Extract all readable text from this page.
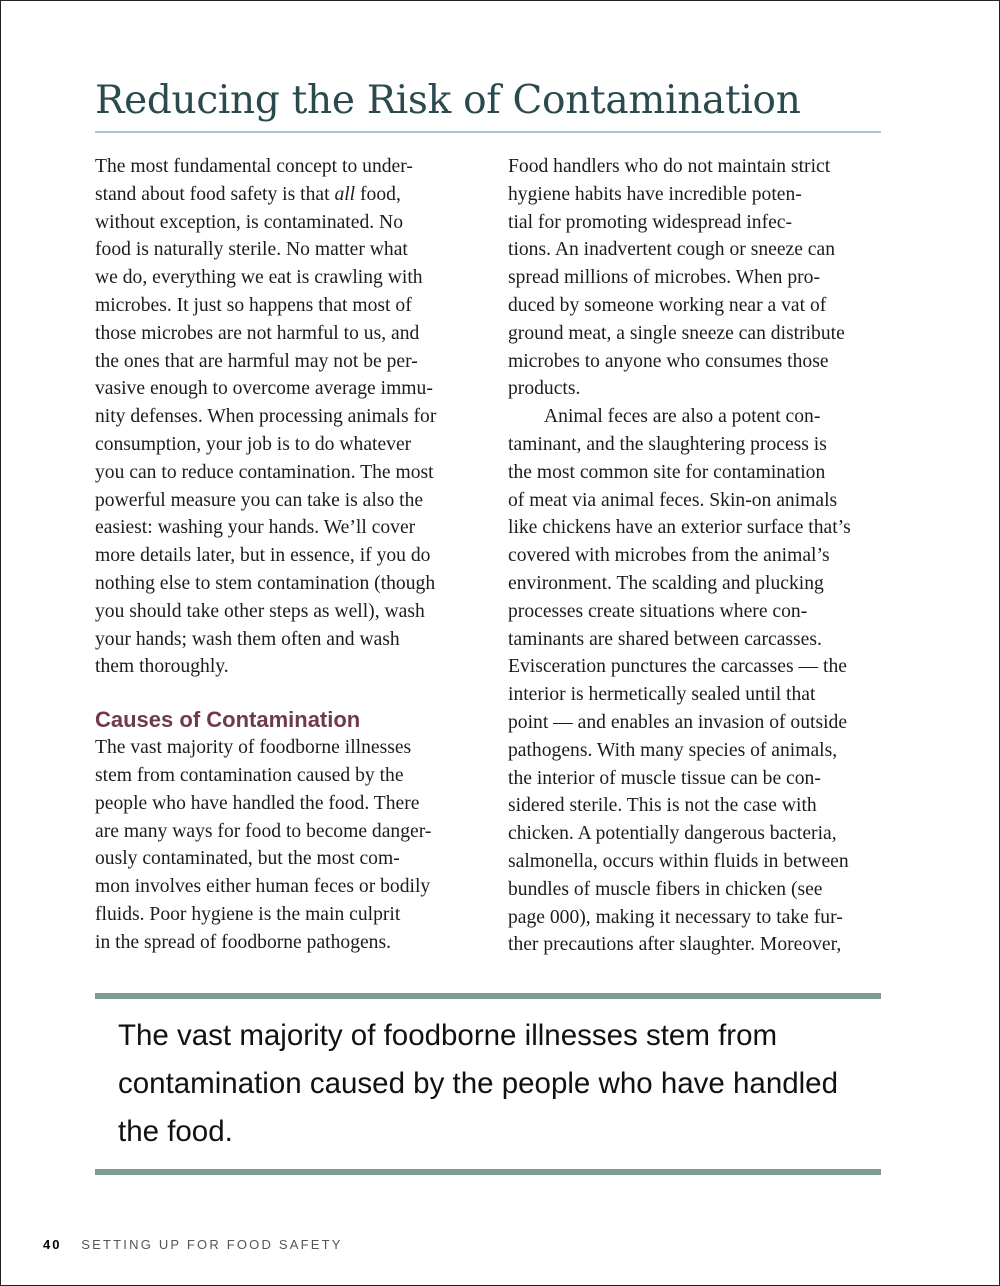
Reducing the Risk of Contamination
The most fundamental concept to under-
stand about food safety is that all food,
without exception, is contaminated. No
food is naturally sterile. No matter what
we do, everything we eat is crawling with
microbes. It just so happens that most of
those microbes are not harmful to us, and
the ones that are harmful may not be per-
vasive enough to overcome average immu-
nity defenses. When processing animals for
consumption, your job is to do whatever
you can to reduce contamination. The most
powerful measure you can take is also the
easiest: washing your hands. We’ll cover
more details later, but in essence, if you do
nothing else to stem contamination (though
you should take other steps as well), wash
your hands; wash them often and wash
them thoroughly.
Causes of Contamination
The vast majority of foodborne illnesses
stem from contamination caused by the
people who have handled the food. There
are many ways for food to become danger-
ously contaminated, but the most com-
mon involves either human feces or bodily
fluids. Poor hygiene is the main culprit
in the spread of foodborne pathogens.
Food handlers who do not maintain strict
hygiene habits have incredible poten-
tial for promoting widespread infec-
tions. An inadvertent cough or sneeze can
spread millions of microbes. When pro-
duced by someone working near a vat of
ground meat, a single sneeze can distribute
microbes to anyone who consumes those
products.
Animal feces are also a potent con-
taminant, and the slaughtering process is
the most common site for contamination
of meat via animal feces. Skin-on animals
like chickens have an exterior surface that’s
covered with microbes from the animal’s
environment. The scalding and plucking
processes create situations where con-
taminants are shared between carcasses.
Evisceration punctures the carcasses — the
interior is hermetically sealed until that
point — and enables an invasion of outside
pathogens. With many species of animals,
the interior of muscle tissue can be con-
sidered sterile. This is not the case with
chicken. A potentially dangerous bacteria,
salmonella, occurs within fluids in between
bundles of muscle fibers in chicken (see
page 000), making it necessary to take fur-
ther precautions after slaughter. Moreover,
The vast majority of foodborne illnesses stem from
contamination caused by the people who have handled
the food.
40 SETTING UP FOR FOOD SAFETY
